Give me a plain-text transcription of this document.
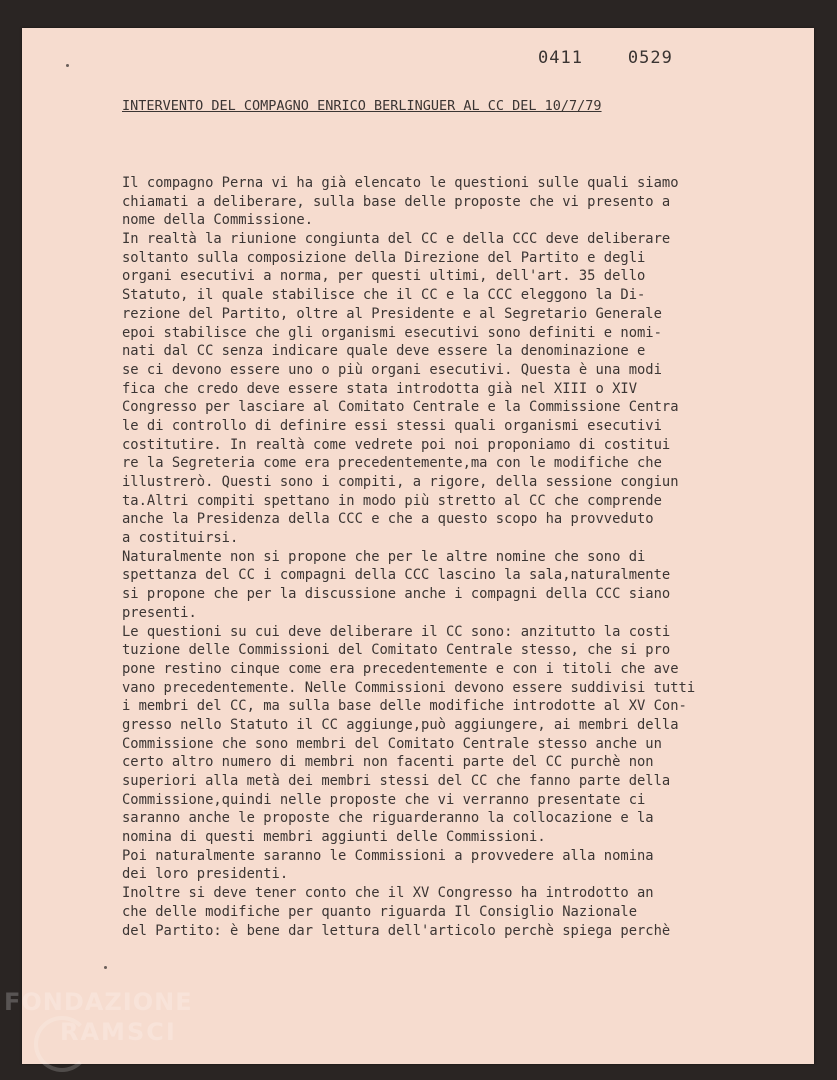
0411	0529
INTERVENTO DEL COMPAGNO ENRICO BERLINGUER AL CC DEL 10/7/79
Il compagno Perna vi ha già elencato le questioni sulle quali siamo
chiamati a deliberare, sulla base delle proposte che vi presento a
nome della Commissione.
In realtà la riunione congiunta del CC e della CCC deve deliberare
soltanto sulla composizione della Direzione del Partito e degli
organi esecutivi a norma, per questi ultimi, dell'art. 35 dello
Statuto, il quale stabilisce che il CC e la CCC eleggono la Di-
rezione del Partito, oltre al Presidente e al Segretario Generale
epoi stabilisce che gli organismi esecutivi sono definiti e nomi-
nati dal CC senza indicare quale deve essere la denominazione e
se ci devono essere uno o più organi esecutivi. Questa è una modi
fica che credo deve essere stata introdotta già nel XIII o XIV
Congresso per lasciare al Comitato Centrale e la Commissione Centra
le di controllo di definire essi stessi quali organismi esecutivi
costitutire. In realtà come vedrete poi noi proponiamo di costitui
re la Segreteria come era precedentemente,ma con le modifiche che
illustrerò. Questi sono i compiti, a rigore, della sessione congiun
ta.Altri compiti spettano in modo più stretto al CC che comprende
anche la Presidenza della CCC e che a questo scopo ha provveduto
a costituirsi.
Naturalmente non si propone che per le altre nomine che sono di
spettanza del CC i compagni della CCC lascino la sala,naturalmente
si propone che per la discussione anche i compagni della CCC siano
presenti.
Le questioni su cui deve deliberare il CC sono: anzitutto la costi
tuzione delle Commissioni del Comitato Centrale stesso, che si pro
pone restino cinque come era precedentemente e con i titoli che ave
vano precedentemente. Nelle Commissioni devono essere suddivisi tutti
i membri del CC, ma sulla base delle modifiche introdotte al XV Con-
gresso nello Statuto il CC aggiunge,può aggiungere, ai membri della
Commissione che sono membri del Comitato Centrale stesso anche un
certo altro numero di membri non facenti parte del CC purchè non
superiori alla metà dei membri stessi del CC che fanno parte della
Commissione,quindi nelle proposte che vi verranno presentate ci
saranno anche le proposte che riguarderanno la collocazione e la
nomina di questi membri aggiunti delle Commissioni.
Poi naturalmente saranno le Commissioni a provvedere alla nomina
dei loro presidenti.
Inoltre si deve tener conto che il XV Congresso ha introdotto an
che delle modifiche per quanto riguarda Il Consiglio Nazionale
del Partito: è bene dar lettura dell'articolo perchè spiega perchè
FONDAZIONE
RAMSCI
